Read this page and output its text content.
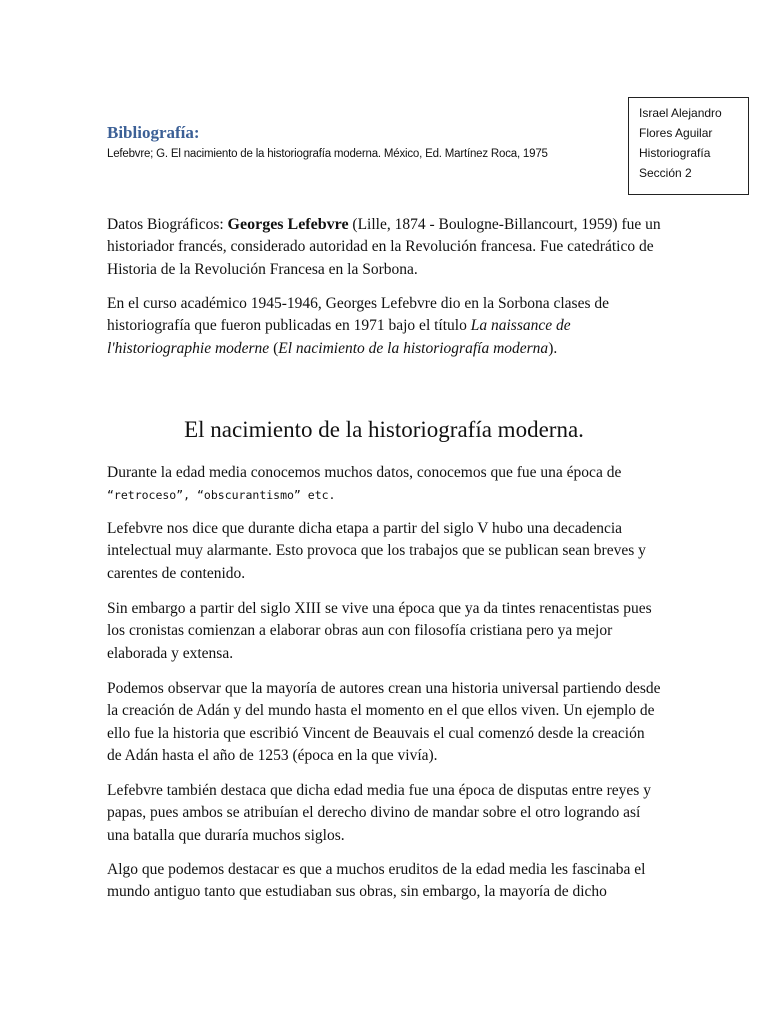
Israel Alejandro
Flores Aguilar
Historiografía
Sección 2
Bibliografía:
Lefebvre; G. El nacimiento de la historiografía moderna. México, Ed. Martínez Roca, 1975

Datos Biográficos: Georges Lefebvre (Lille, 1874 - Boulogne-Billancourt, 1959) fue un historiador francés, considerado autoridad en la Revolución francesa. Fue catedrático de Historia de la Revolución Francesa en la Sorbona.

En el curso académico 1945-1946, Georges Lefebvre dio en la Sorbona clases de historiografía que fueron publicadas en 1971 bajo el título La naissance de l'historiographie moderne (El nacimiento de la historiografía moderna).

El nacimiento de la historiografía moderna.

Durante la edad media conocemos muchos datos, conocemos que fue una época de
“retroceso”, “obscurantismo” etc.

Lefebvre nos dice que durante dicha etapa a partir del siglo V hubo una decadencia intelectual muy alarmante. Esto provoca que los trabajos que se publican sean breves y carentes de contenido.

Sin embargo a partir del siglo XIII se vive una época que ya da tintes renacentistas pues los cronistas comienzan a elaborar obras aun con filosofía cristiana pero ya mejor elaborada y extensa.

Podemos observar que la mayoría de autores crean una historia universal partiendo desde la creación de Adán y del mundo hasta el momento en el que ellos viven. Un ejemplo de ello fue la historia que escribió Vincent de Beauvais el cual comenzó desde la creación de Adán hasta el año de 1253 (época en la que vivía).

Lefebvre también destaca que dicha edad media fue una época de disputas entre reyes y papas, pues ambos se atribuían el derecho divino de mandar sobre el otro logrando así una batalla que duraría muchos siglos.

Algo que podemos destacar es que a muchos eruditos de la edad media les fascinaba el mundo antiguo tanto que estudiaban sus obras, sin embargo, la mayoría de dicho
